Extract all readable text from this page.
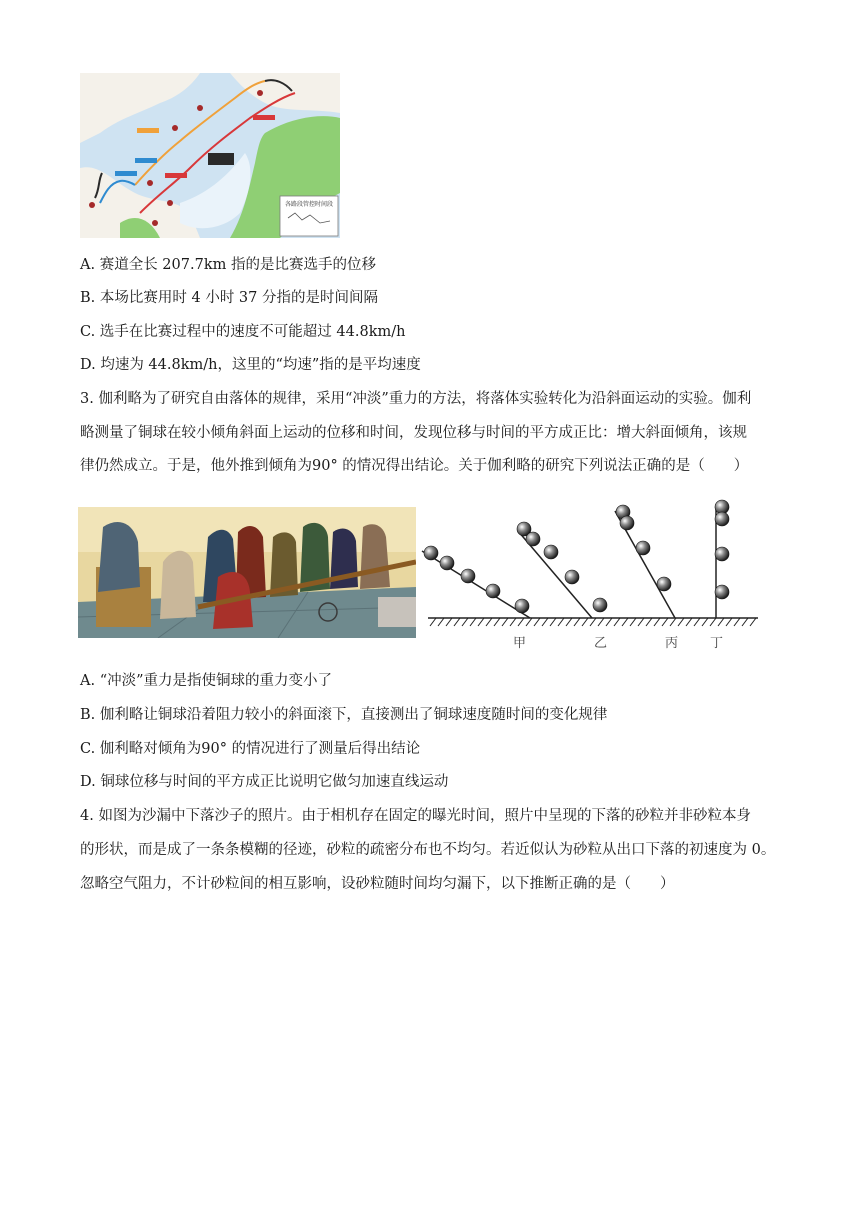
各路段管控时间段
A. 赛道全长 207.7km 指的是比赛选手的位移
B. 本场比赛用时 4 小时 37 分指的是时间间隔
C. 选手在比赛过程中的速度不可能超过 44.8km/h
D. 均速为 44.8km/h，这里的“均速”指的是平均速度
3. 伽利略为了研究自由落体的规律，采用“冲淡”重力的方法，将落体实验转化为沿斜面运动的实验。伽利
略测量了铜球在较小倾角斜面上运动的位移和时间，发现位移与时间的平方成正比：增大斜面倾角，该规
律仍然成立。于是，他外推到倾角为90° 的情况得出结论。关于伽利略的研究下列说法正确的是（　　）
甲	乙	丙 丁
A. “冲淡”重力是指使铜球的重力变小了
B. 伽利略让铜球沿着阻力较小的斜面滚下，直接测出了铜球速度随时间的变化规律
C. 伽利略对倾角为90° 的情况进行了测量后得出结论
D. 铜球位移与时间的平方成正比说明它做匀加速直线运动
4. 如图为沙漏中下落沙子的照片。由于相机存在固定的曝光时间，照片中呈现的下落的砂粒并非砂粒本身
的形状，而是成了一条条模糊的径迹，砂粒的疏密分布也不均匀。若近似认为砂粒从出口下落的初速度为 0。
忽略空气阻力，不计砂粒间的相互影响，设砂粒随时间均匀漏下，以下推断正确的是（　　）
